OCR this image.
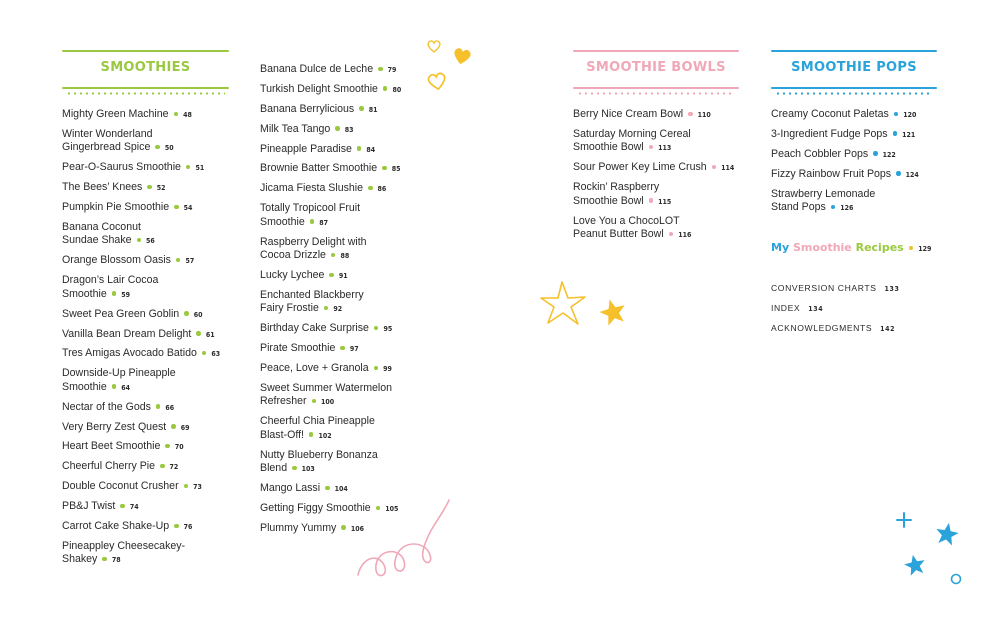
SMOOTHIES
Mighty Green Machine 48
Winter Wonderland
Gingerbread Spice 50
Pear-O-Saurus Smoothie 51
The Bees’ Knees 52
Pumpkin Pie Smoothie 54
Banana Coconut
Sundae Shake 56
Orange Blossom Oasis 57
Dragon’s Lair Cocoa
Smoothie 59
Sweet Pea Green Goblin 60
Vanilla Bean Dream Delight 61
Tres Amigas Avocado Batido 63
Downside-Up Pineapple
Smoothie 64
Nectar of the Gods 66
Very Berry Zest Quest 69
Heart Beet Smoothie 70
Cheerful Cherry Pie 72
Double Coconut Crusher 73
PB&J Twist 74
Carrot Cake Shake-Up 76
Pineappley Cheesecakey-
Shakey 78
Banana Dulce de Leche 79
Turkish Delight Smoothie 80
Banana Berrylicious 81
Milk Tea Tango 83
Pineapple Paradise 84
Brownie Batter Smoothie 85
Jicama Fiesta Slushie 86
Totally Tropicool Fruit
Smoothie 87
Raspberry Delight with
Cocoa Drizzle 88
Lucky Lychee 91
Enchanted Blackberry
Fairy Frostie 92
Birthday Cake Surprise 95
Pirate Smoothie 97
Peace, Love + Granola 99
Sweet Summer Watermelon
Refresher 100
Cheerful Chia Pineapple
Blast-Off! 102
Nutty Blueberry Bonanza
Blend 103
Mango Lassi 104
Getting Figgy Smoothie 105
Plummy Yummy 106
SMOOTHIE BOWLS
Berry Nice Cream Bowl 110
Saturday Morning Cereal
Smoothie Bowl 113
Sour Power Key Lime Crush 114
Rockin’ Raspberry
Smoothie Bowl 115
Love You a ChocoLOT
Peanut Butter Bowl 116
SMOOTHIE POPS
Creamy Coconut Paletas 120
3-Ingredient Fudge Pops 121
Peach Cobbler Pops 122
Fizzy Rainbow Fruit Pops 124
Strawberry Lemonade
Stand Pops 126
My Smoothie Recipes 129
CONVERSION CHARTS 133
INDEX 134
ACKNOWLEDGMENTS 142
